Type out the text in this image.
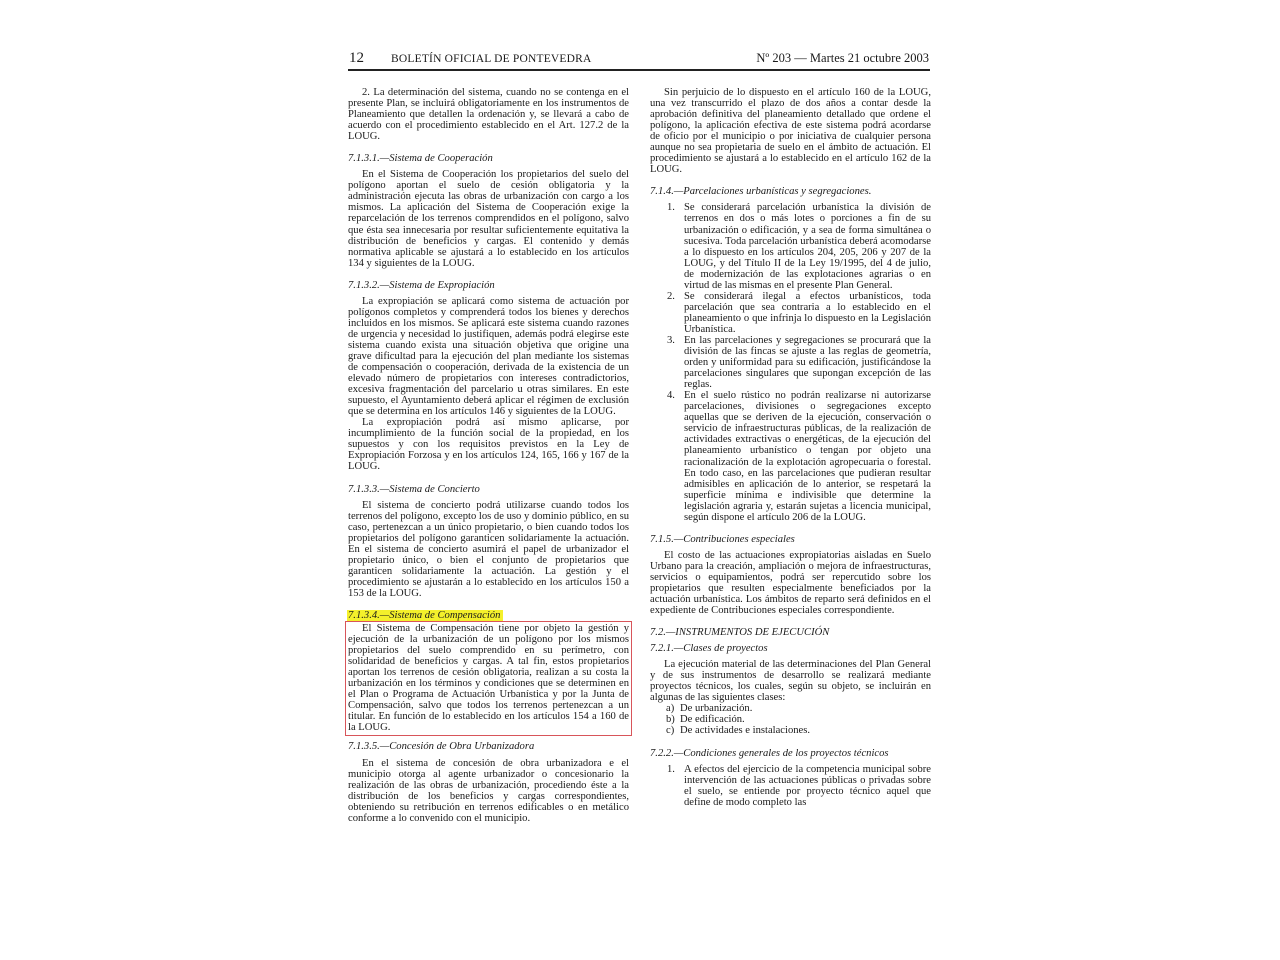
12 BOLETÍN OFICIAL DE PONTEVEDRA	Nº 203 — Martes 21 octubre 2003

2. La determinación del sistema, cuando no se contenga en el presente Plan, se incluirá obligatoriamente en los instrumentos de Planeamiento que detallen la ordenación y, se llevará a cabo de acuerdo con el procedimiento establecido en el Art. 127.2 de la LOUG.

7.1.3.1.—Sistema de Cooperación

En el Sistema de Cooperación los propietarios del suelo del polígono aportan el suelo de cesión obligatoria y la administración ejecuta las obras de urbanización con cargo a los mismos. La aplicación del Sistema de Cooperación exige la reparcelación de los terrenos comprendidos en el polígono, salvo que ésta sea innecesaria por resultar suficientemente equitativa la distribución de beneficios y cargas. El contenido y demás normativa aplicable se ajustará a lo establecido en los artículos 134 y siguientes de la LOUG.

7.1.3.2.—Sistema de Expropiación

La expropiación se aplicará como sistema de actuación por polígonos completos y comprenderá todos los bienes y derechos incluidos en los mismos. Se aplicará este sistema cuando razones de urgencia y necesidad lo justifiquen, además podrá elegirse este sistema cuando exista una situación objetiva que origine una grave dificultad para la ejecución del plan mediante los sistemas de compensación o cooperación, derivada de la existencia de un elevado número de propietarios con intereses contradictorios, excesiva fragmentación del parcelario u otras similares. En este supuesto, el Ayuntamiento deberá aplicar el régimen de exclusión que se determina en los artículos 146 y siguientes de la LOUG.

La expropiación podrá así mismo aplicarse, por incumplimiento de la función social de la propiedad, en los supuestos y con los requisitos previstos en la Ley de Expropiación Forzosa y en los artículos 124, 165, 166 y 167 de la LOUG.

7.1.3.3.—Sistema de Concierto

El sistema de concierto podrá utilizarse cuando todos los terrenos del polígono, excepto los de uso y dominio público, en su caso, pertenezcan a un único propietario, o bien cuando todos los propietarios del polígono garanticen solidariamente la actuación. En el sistema de concierto asumirá el papel de urbanizador el propietario único, o bien el conjunto de propietarios que garanticen solidariamente la actuación. La gestión y el procedimiento se ajustarán a lo establecido en los artículos 150 a 153 de la LOUG.

7.1.3.4.—Sistema de Compensación

El Sistema de Compensación tiene por objeto la gestión y ejecución de la urbanización de un polígono por los mismos propietarios del suelo comprendido en su perímetro, con solidaridad de beneficios y cargas. A tal fin, estos propietarios aportan los terrenos de cesión obligatoria, realizan a su costa la urbanización en los términos y condiciones que se determinen en el Plan o Programa de Actuación Urbanística y por la Junta de Compensación, salvo que todos los terrenos pertenezcan a un titular. En función de lo establecido en los artículos 154 a 160 de la LOUG.

7.1.3.5.—Concesión de Obra Urbanizadora

En el sistema de concesión de obra urbanizadora e el municipio otorga al agente urbanizador o concesionario la realización de las obras de urbanización, procediendo éste a la distribución de los beneficios y cargas correspondientes, obteniendo su retribución en terrenos edificables o en metálico conforme a lo convenido con el municipio.

Sin perjuicio de lo dispuesto en el artículo 160 de la LOUG, una vez transcurrido el plazo de dos años a contar desde la aprobación definitiva del planeamiento detallado que ordene el polígono, la aplicación efectiva de este sistema podrá acordarse de oficio por el municipio o por iniciativa de cualquier persona aunque no sea propietaria de suelo en el ámbito de actuación. El procedimiento se ajustará a lo establecido en el artículo 162 de la LOUG.

7.1.4.—Parcelaciones urbanísticas y segregaciones.

1. Se considerará parcelación urbanística la división de terrenos en dos o más lotes o porciones a fin de su urbanización o edificación, y a sea de forma simultánea o sucesiva. Toda parcelación urbanística deberá acomodarse a lo dispuesto en los artículos 204, 205, 206 y 207 de la LOUG, y del Título II de la Ley 19/1995, del 4 de julio, de modernización de las explotaciones agrarias o en virtud de las mismas en el presente Plan General.
2. Se considerará ilegal a efectos urbanísticos, toda parcelación que sea contraria a lo establecido en el planeamiento o que infrinja lo dispuesto en la Legislación Urbanística.
3. En las parcelaciones y segregaciones se procurará que la división de las fincas se ajuste a las reglas de geometría, orden y uniformidad para su edificación, justificándose la parcelaciones singulares que supongan excepción de las reglas.
4. En el suelo rústico no podrán realizarse ni autorizarse parcelaciones, divisiones o segregaciones excepto aquellas que se deriven de la ejecución, conservación o servicio de infraestructuras públicas, de la realización de actividades extractivas o energéticas, de la ejecución del planeamiento urbanístico o tengan por objeto una racionalización de la explotación agropecuaria o forestal. En todo caso, en las parcelaciones que pudieran resultar admisibles en aplicación de lo anterior, se respetará la superficie mínima e indivisible que determine la legislación agraria y, estarán sujetas a licencia municipal, según dispone el artículo 206 de la LOUG.

7.1.5.—Contribuciones especiales

El costo de las actuaciones expropiatorias aisladas en Suelo Urbano para la creación, ampliación o mejora de infraestructuras, servicios o equipamientos, podrá ser repercutido sobre los propietarios que resulten especialmente beneficiados por la actuación urbanística. Los ámbitos de reparto será definidos en el expediente de Contribuciones especiales correspondiente.

7.2.—INSTRUMENTOS DE EJECUCIÓN

7.2.1.—Clases de proyectos

La ejecución material de las determinaciones del Plan General y de sus instrumentos de desarrollo se realizará mediante proyectos técnicos, los cuales, según su objeto, se incluirán en algunas de las siguientes clases:

a) De urbanización.
b) De edificación.
c) De actividades e instalaciones.

7.2.2.—Condiciones generales de los proyectos técnicos

1. A efectos del ejercicio de la competencia municipal sobre intervención de las actuaciones públicas o privadas sobre el suelo, se entiende por proyecto técnico aquel que define de modo completo las
